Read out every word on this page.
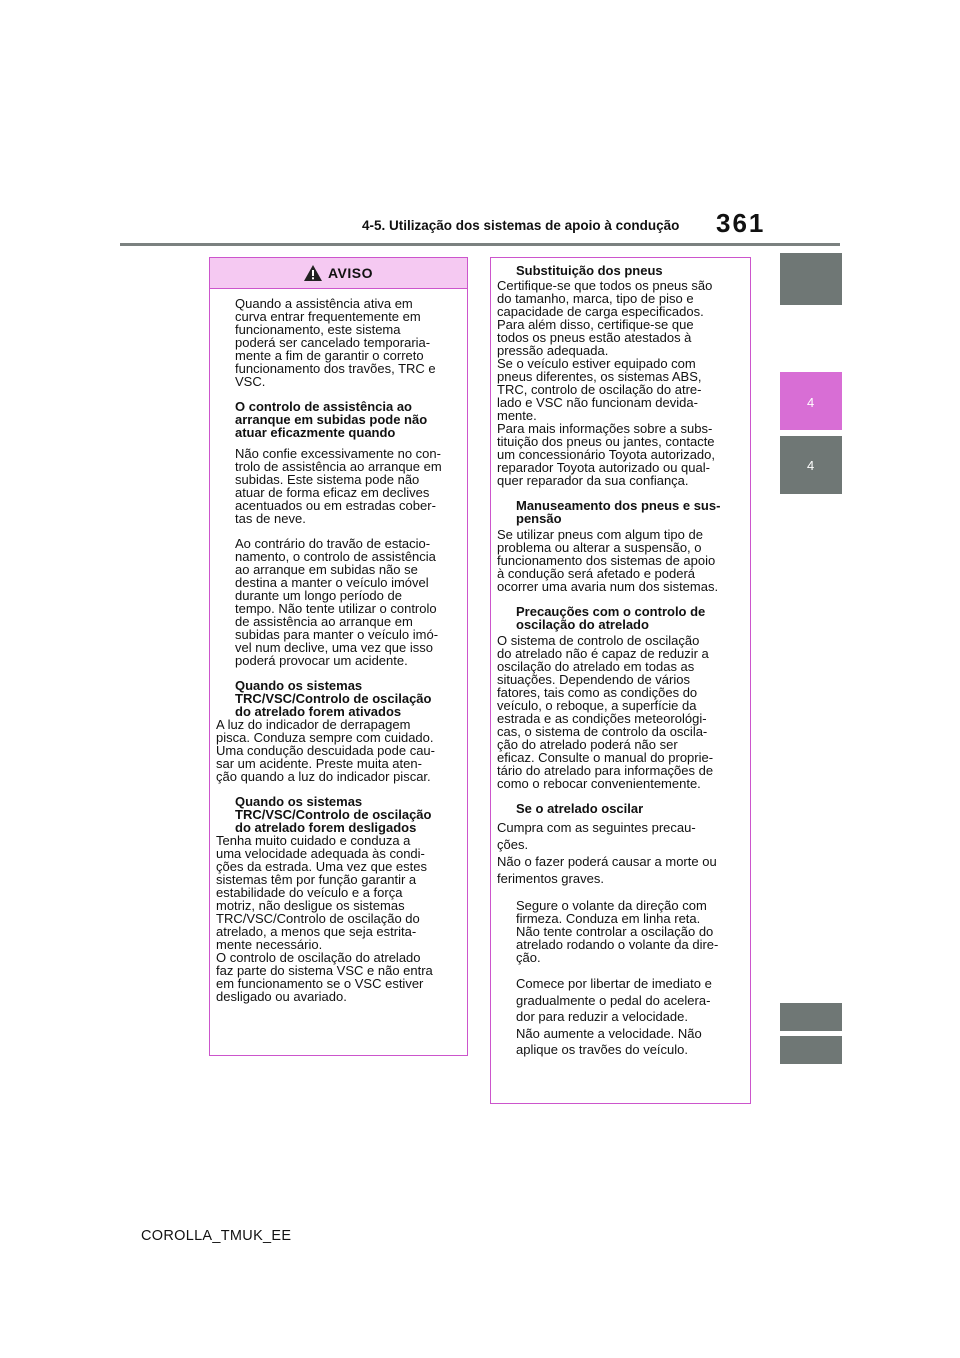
4-5. Utilização dos sistemas de apoio à condução 361
4
4
AVISO

Quando a assistência ativa em
curva entrar frequentemente em
funcionamento, este sistema
poderá ser cancelado temporaria-
mente a fim de garantir o correto
funcionamento dos travões, TRC e
VSC.

O controlo de assistência ao
arranque em subidas pode não
atuar eficazmente quando

Não confie excessivamente no con-
trolo de assistência ao arranque em
subidas. Este sistema pode não
atuar de forma eficaz em declives
acentuados ou em estradas cober-
tas de neve.

Ao contrário do travão de estacio-
namento, o controlo de assistência
ao arranque em subidas não se
destina a manter o veículo imóvel
durante um longo período de
tempo. Não tente utilizar o controlo
de assistência ao arranque em
subidas para manter o veículo imó-
vel num declive, uma vez que isso
poderá provocar um acidente.

Quando os sistemas
TRC/VSC/Controlo de oscilação
do atrelado forem ativados

A luz do indicador de derrapagem
pisca. Conduza sempre com cuidado.
Uma condução descuidada pode cau-
sar um acidente. Preste muita aten-
ção quando a luz do indicador piscar.

Quando os sistemas
TRC/VSC/Controlo de oscilação
do atrelado forem desligados

Tenha muito cuidado e conduza a
uma velocidade adequada às condi-
ções da estrada. Uma vez que estes
sistemas têm por função garantir a
estabilidade do veículo e a força
motriz, não desligue os sistemas
TRC/VSC/Controlo de oscilação do
atrelado, a menos que seja estrita-
mente necessário.
O controlo de oscilação do atrelado
faz parte do sistema VSC e não entra
em funcionamento se o VSC estiver
desligado ou avariado.

Substituição dos pneus

Certifique-se que todos os pneus são
do tamanho, marca, tipo de piso e
capacidade de carga especificados.
Para além disso, certifique-se que
todos os pneus estão atestados à
pressão adequada.
Se o veículo estiver equipado com
pneus diferentes, os sistemas ABS,
TRC, controlo de oscilação do atre-
lado e VSC não funcionam devida-
mente.
Para mais informações sobre a subs-
tituição dos pneus ou jantes, contacte
um concessionário Toyota autorizado,
reparador Toyota autorizado ou qual-
quer reparador da sua confiança.

Manuseamento dos pneus e sus-
pensão

Se utilizar pneus com algum tipo de
problema ou alterar a suspensão, o
funcionamento dos sistemas de apoio
à condução será afetado e poderá
ocorrer uma avaria num dos sistemas.

Precauções com o controlo de
oscilação do atrelado

O sistema de controlo de oscilação
do atrelado não é capaz de reduzir a
oscilação do atrelado em todas as
situações. Dependendo de vários
fatores, tais como as condições do
veículo, o reboque, a superfície da
estrada e as condições meteorológi-
cas, o sistema de controlo da oscila-
ção do atrelado poderá não ser
eficaz. Consulte o manual do proprie-
tário do atrelado para informações de
como o rebocar convenientemente.

Se o atrelado oscilar

Cumpra com as seguintes precau-
ções.
Não o fazer poderá causar a morte ou
ferimentos graves.

Segure o volante da direção com
firmeza. Conduza em linha reta.
Não tente controlar a oscilação do
atrelado rodando o volante da dire-
ção.

Comece por libertar de imediato e
gradualmente o pedal do acelera-
dor para reduzir a velocidade.
Não aumente a velocidade. Não
aplique os travões do veículo.

COROLLA_TMUK_EE
